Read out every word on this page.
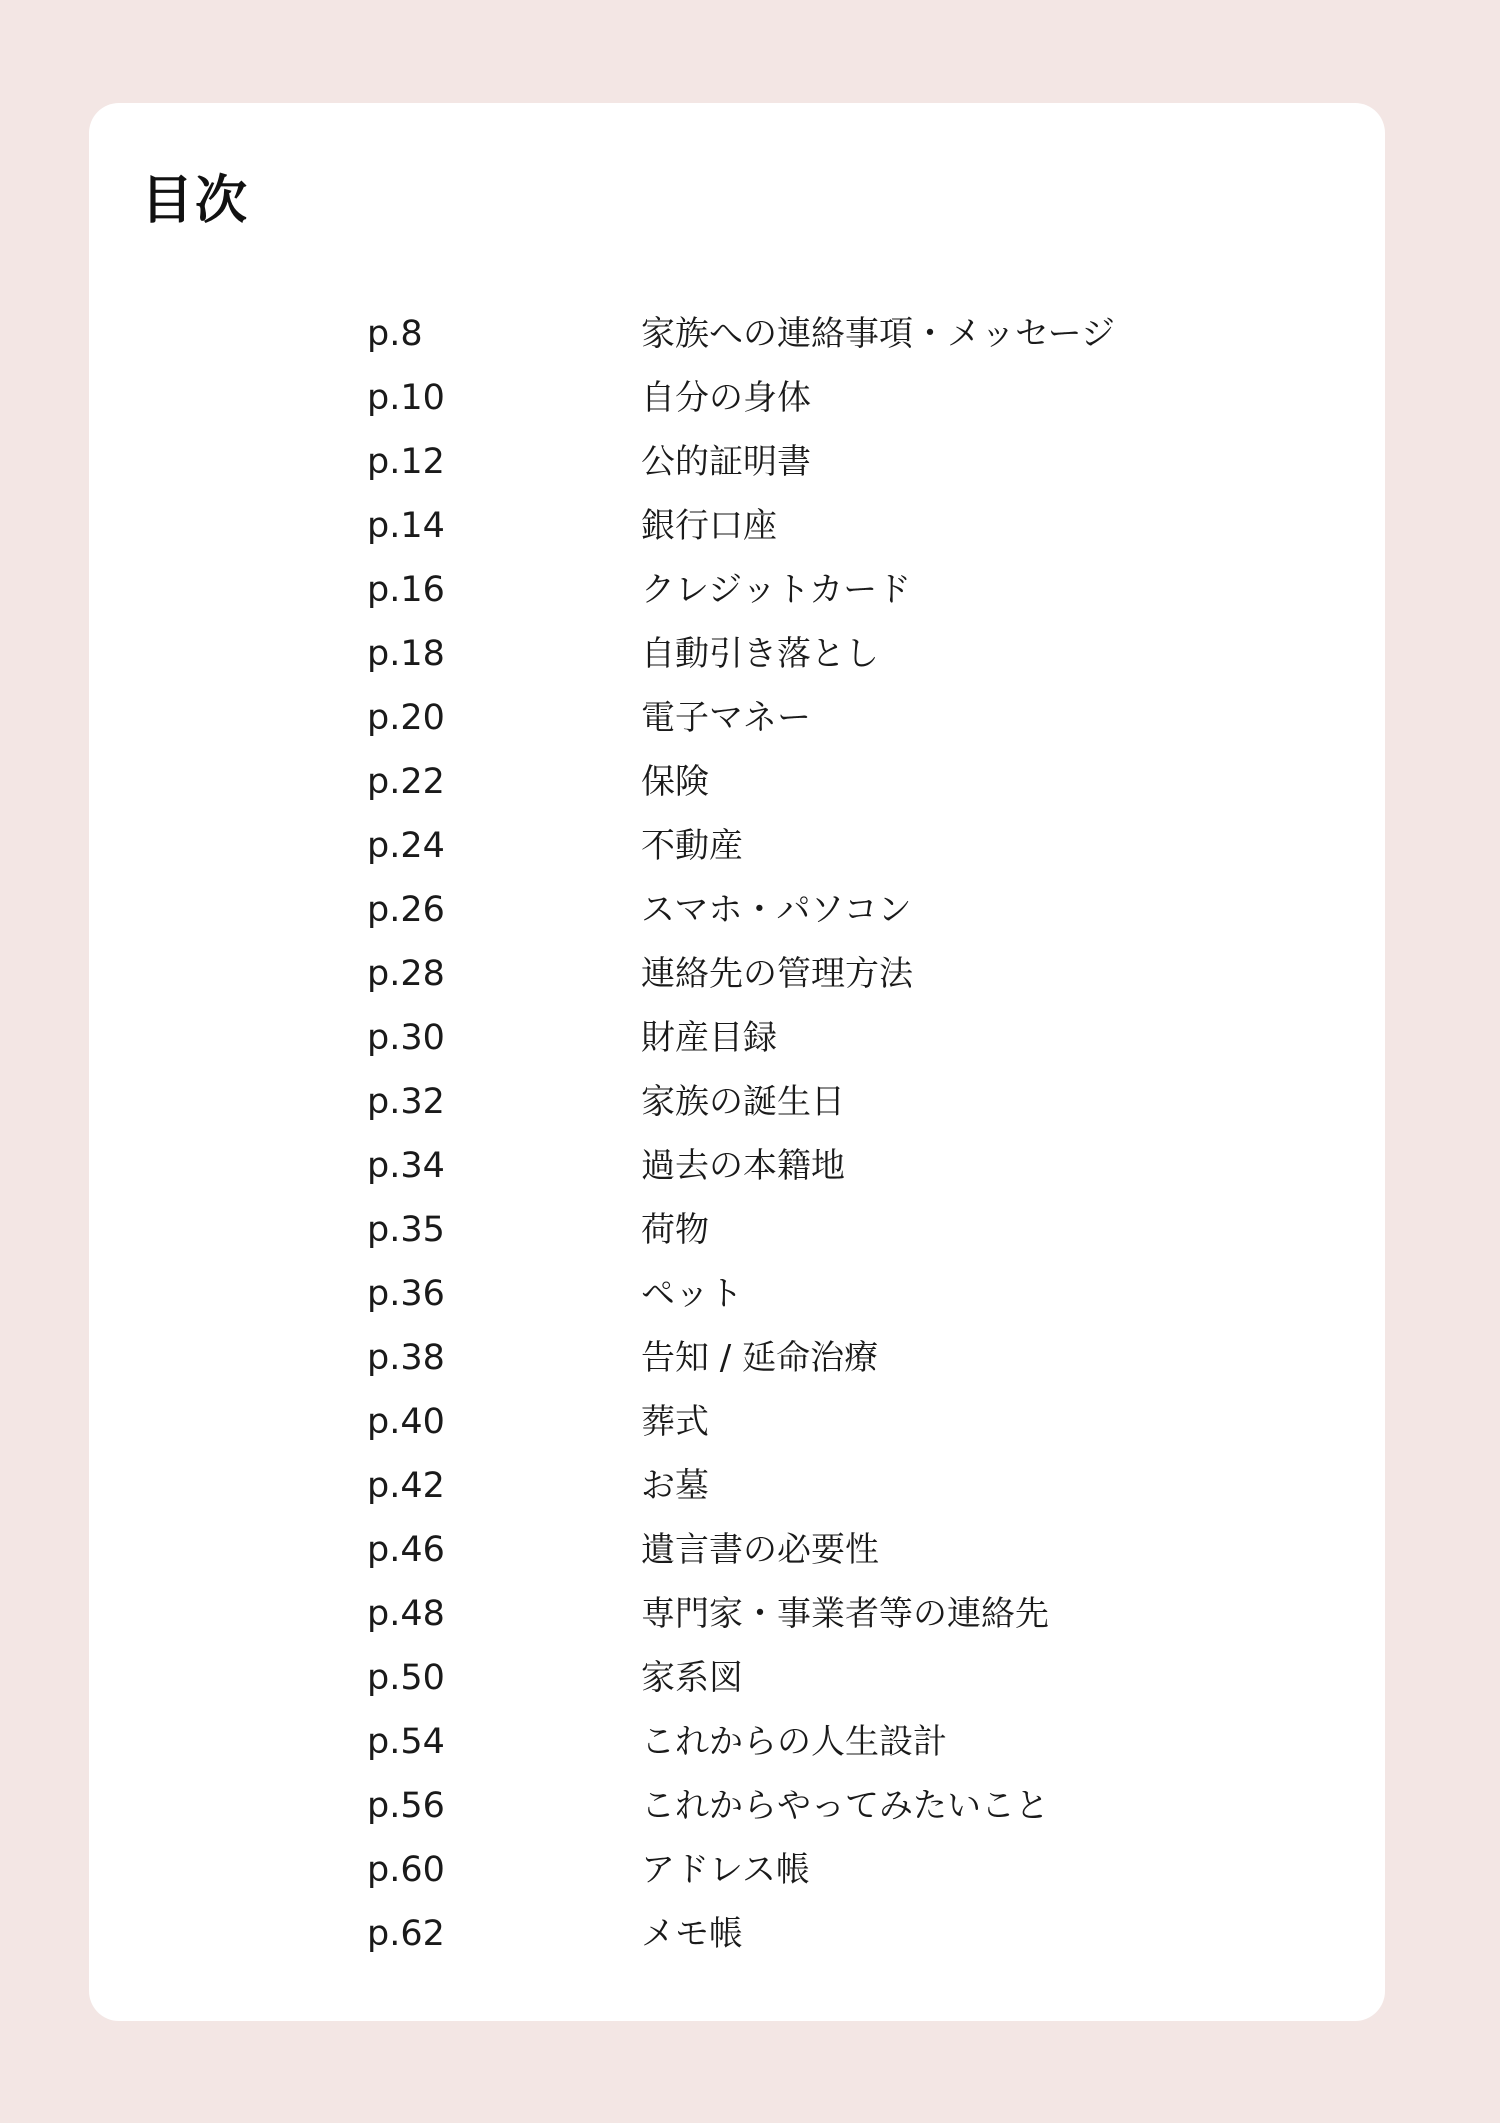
目次
p.8	家族への連絡事項・メッセージ
p.10	自分の身体
p.12	公的証明書
p.14	銀行口座
p.16	クレジットカード
p.18	自動引き落とし
p.20	電子マネー
p.22	保険
p.24	不動産
p.26	スマホ・パソコン
p.28	連絡先の管理方法
p.30	財産目録
p.32	家族の誕生日
p.34	過去の本籍地
p.35	荷物
p.36	ペット
p.38	告知 / 延命治療
p.40	葬式
p.42	お墓
p.46	遺言書の必要性
p.48	専門家・事業者等の連絡先
p.50	家系図
p.54	これからの人生設計
p.56	これからやってみたいこと
p.60	アドレス帳
p.62	メモ帳
